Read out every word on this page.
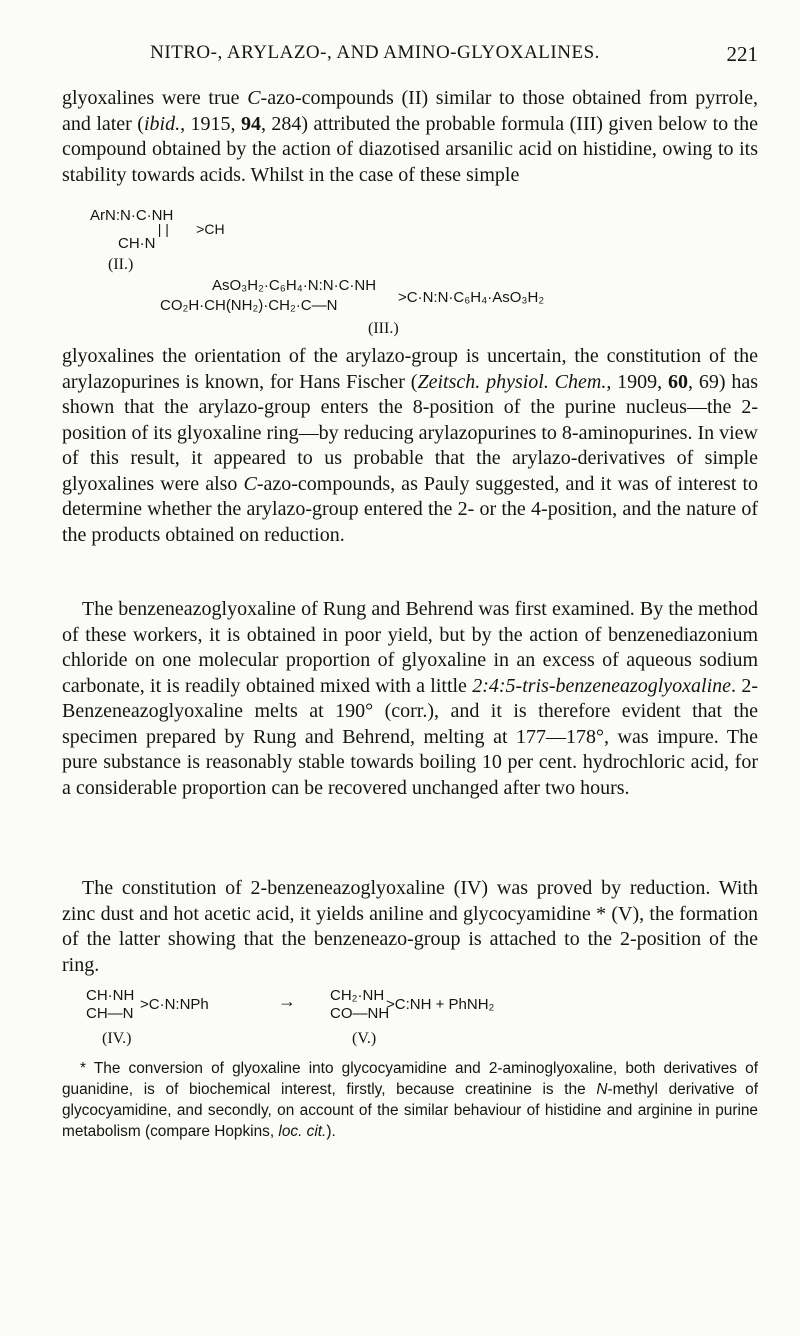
NITRO-, ARYLAZO-, AND AMINO-GLYOXALINES.	221

glyoxalines were true C-azo-compounds (II) similar to those obtained from pyrrole, and later (ibid., 1915, 94, 284) attributed the probable formula (III) given below to the compound obtained by the action of diazotised arsanilic acid on histidine, owing to its stability towards acids. Whilst in the case of these simple

ArN:N·C·NH
| |       >CH
CH·N
(II.)
AsO₃H₂·C₆H₄·N:N·C·NH
CO₂H·CH(NH₂)·CH₂·C—N	>C·N:N·C₆H₄·AsO₃H₂
(III.)

glyoxalines the orientation of the arylazo-group is uncertain, the constitution of the arylazopurines is known, for Hans Fischer (Zeitsch. physiol. Chem., 1909, 60, 69) has shown that the arylazo-group enters the 8-position of the purine nucleus—the 2-position of its glyoxaline ring—by reducing arylazopurines to 8-aminopurines. In view of this result, it appeared to us probable that the arylazo-derivatives of simple glyoxalines were also C-azo-compounds, as Pauly suggested, and it was of interest to determine whether the arylazo-group entered the 2- or the 4-position, and the nature of the products obtained on reduction.

The benzeneazoglyoxaline of Rung and Behrend was first examined. By the method of these workers, it is obtained in poor yield, but by the action of benzenediazonium chloride on one molecular proportion of glyoxaline in an excess of aqueous sodium carbonate, it is readily obtained mixed with a little 2:4:5-tris-benzeneazoglyoxaline. 2-Benzeneazoglyoxaline melts at 190° (corr.), and it is therefore evident that the specimen prepared by Rung and Behrend, melting at 177—178°, was impure. The pure substance is reasonably stable towards boiling 10 per cent. hydrochloric acid, for a considerable proportion can be recovered unchanged after two hours.

The constitution of 2-benzeneazoglyoxaline (IV) was proved by reduction. With zinc dust and hot acetic acid, it yields aniline and glycocyamidine * (V), the formation of the latter showing that the benzeneazo-group is attached to the 2-position of the ring.

CH·NH
CH—N
>C·N:NPh
(IV.)
→ CH₂·NH
CO—NH
>C:NH + PhNH₂
(V.)

* The conversion of glyoxaline into glycocyamidine and 2-aminoglyoxaline, both derivatives of guanidine, is of biochemical interest, firstly, because creatinine is the N-methyl derivative of glycocyamidine, and secondly, on account of the similar behaviour of histidine and arginine in purine metabolism (compare Hopkins, loc. cit.).
